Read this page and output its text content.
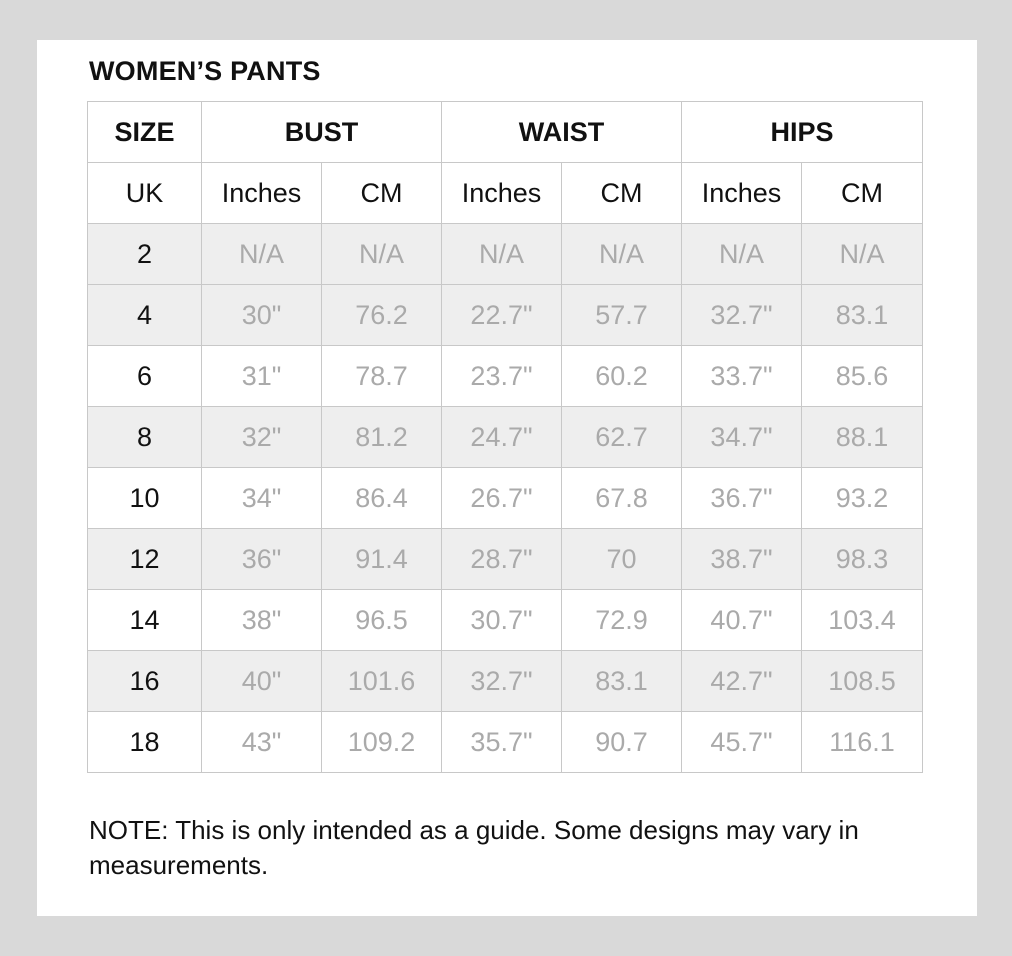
WOMEN’S PANTS
SIZE	BUST		WAIST		HIPS	
UK	Inches	CM	Inches	CM	Inches	CM
2	N/A	N/A	N/A	N/A	N/A	N/A
4	30"	76.2	22.7"	57.7	32.7"	83.1
6	31"	78.7	23.7"	60.2	33.7"	85.6
8	32"	81.2	24.7"	62.7	34.7"	88.1
10	34"	86.4	26.7"	67.8	36.7"	93.2
12	36"	91.4	28.7"	70	38.7"	98.3
14	38"	96.5	30.7"	72.9	40.7"	103.4
16	40"	101.6	32.7"	83.1	42.7"	108.5
18	43"	109.2	35.7"	90.7	45.7"	116.1

NOTE: This is only intended as a guide. Some designs may vary in measurements.
